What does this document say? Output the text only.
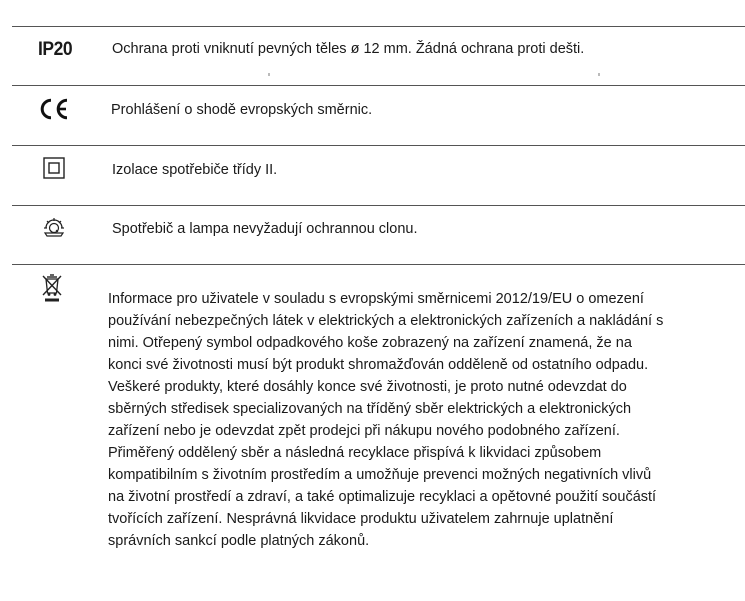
IP20	Ochrana proti vniknutí pevných těles ø 12 mm. Žádná ochrana proti dešti.
Prohlášení o shodě evropských směrnic.
Izolace spotřebiče třídy II.
Spotřebič a lampa nevyžadují ochrannou clonu.
Informace pro uživatele v souladu s evropskými směrnicemi 2012/19/EU o omezení
používání nebezpečných látek v elektrických a elektronických zařízeních a nakládání s
nimi. Otřepený symbol odpadkového koše zobrazený na zařízení znamená, že na
konci své životnosti musí být produkt shromažďován odděleně od ostatního odpadu.
Veškeré produkty, které dosáhly konce své životnosti, je proto nutné odevzdat do
sběrných středisek specializovaných na tříděný sběr elektrických a elektronických
zařízení nebo je odevzdat zpět prodejci při nákupu nového podobného zařízení.
Přiměřený oddělený sběr a následná recyklace přispívá k likvidaci způsobem
kompatibilním s životním prostředím a umožňuje prevenci možných negativních vlivů
na životní prostředí a zdraví, a také optimalizuje recyklaci a opětovné použití součástí
tvořících zařízení. Nesprávná likvidace produktu uživatelem zahrnuje uplatnění
správních sankcí podle platných zákonů.
